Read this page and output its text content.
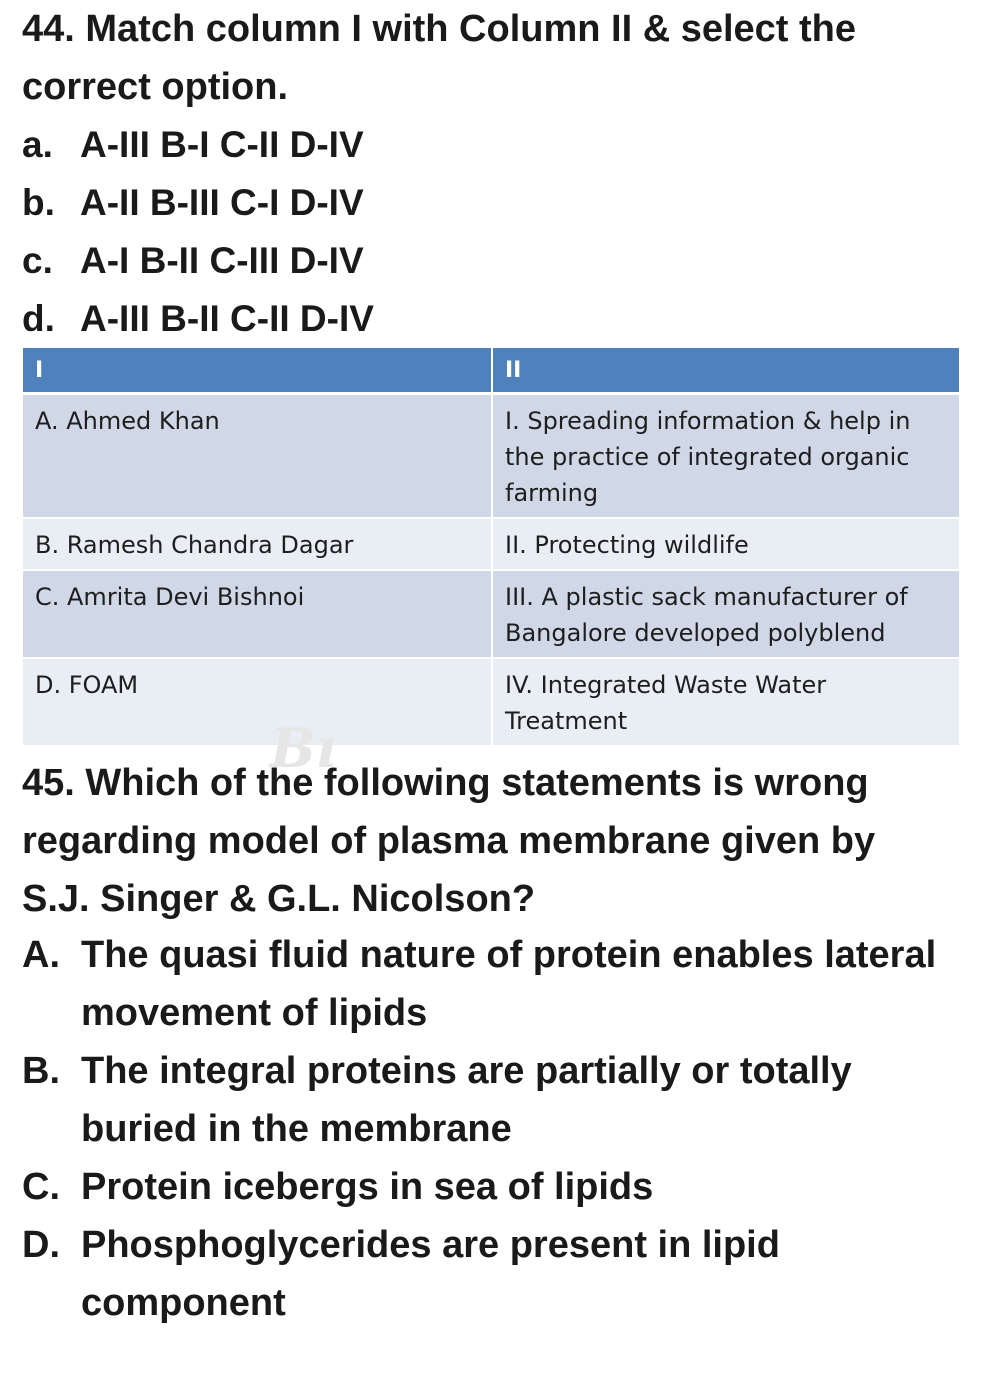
44. Match column I with Column II & select the correct option.

a. A-III B-I C-II D-IV
b. A-II B-III C-I D-IV
c. A-I B-II C-III D-IV
d. A-III B-II C-II D-IV
I	II
A. Ahmed Khan	I. Spreading information & help in the practice of integrated organic farming
B. Ramesh Chandra Dagar	II. Protecting wildlife
C. Amrita Devi Bishnoi	III. A plastic sack manufacturer of Bangalore developed polyblend
D. FOAM	IV. Integrated Waste Water Treatment
Bı

45. Which of the following statements is wrong regarding model of plasma membrane given by S.J. Singer & G.L. Nicolson?

A. The quasi fluid nature of protein enables lateral movement of lipids
B. The integral proteins are partially or totally buried in the membrane
C. Protein icebergs in sea of lipids
D. Phosphoglycerides are present in lipid component
